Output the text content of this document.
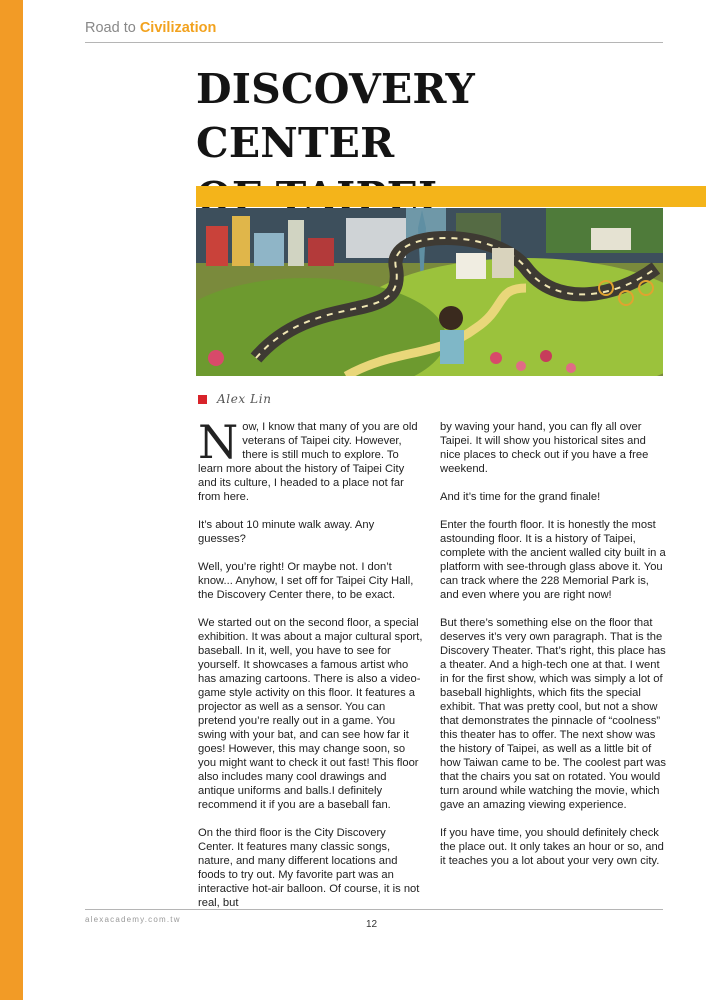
Road to Civilization
DISCOVERY CENTER

Alex Lin

Now, I know that many of you are old veterans of Taipei city. However, there is still much to explore. To learn more about the history of Taipei City and its culture, I headed to a place not far from here.

It’s about 10 minute walk away. Any guesses?

Well, you’re right! Or maybe not. I don’t know... Anyhow, I set off for Taipei City Hall, the Discovery Center there, to be exact.

We started out on the second floor, a special exhibition. It was about a major cultural sport, baseball. In it, well, you have to see for yourself. It showcases a famous artist who has amazing cartoons. There is also a video-game style activity on this floor. It features a projector as well as a sensor. You can pretend you’re really out in a game. You swing with your bat, and can see how far it goes! However, this may change soon, so you might want to check it out fast! This floor also includes many cool drawings and antique uniforms and balls.I definitely recommend it if you are a baseball fan.

On the third floor is the City Discovery Center. It features many classic songs, nature, and many different locations and foods to try out. My favorite part was an interactive hot-air balloon. Of course, it is not real, but

by waving your hand, you can fly all over Taipei. It will show you historical sites and nice places to check out if you have a free weekend.

And it’s time for the grand finale!

Enter the fourth floor. It is honestly the most astounding floor. It is a history of Taipei, complete with the ancient walled city built in a platform with see-through glass above it. You can track where the 228 Memorial Park is, and even where you are right now!

But there’s something else on the floor that deserves it’s very own paragraph. That is the Discovery Theater. That’s right, this place has a theater. And a high-tech one at that. I went in for the first show, which was simply a lot of baseball highlights, which fits the special exhibit. That was pretty cool, but not a show that demonstrates the pinnacle of “coolness” this theater has to offer. The next show was the history of Taipei, as well as a little bit of how Taiwan came to be. The coolest part was that the chairs you sat on rotated. You would turn around while watching the movie, which gave an amazing viewing experience.

If you have time, you should definitely check the place out. It only takes an hour or so, and it teaches you a lot about your very own city.

alexacademy.com.tw	12
